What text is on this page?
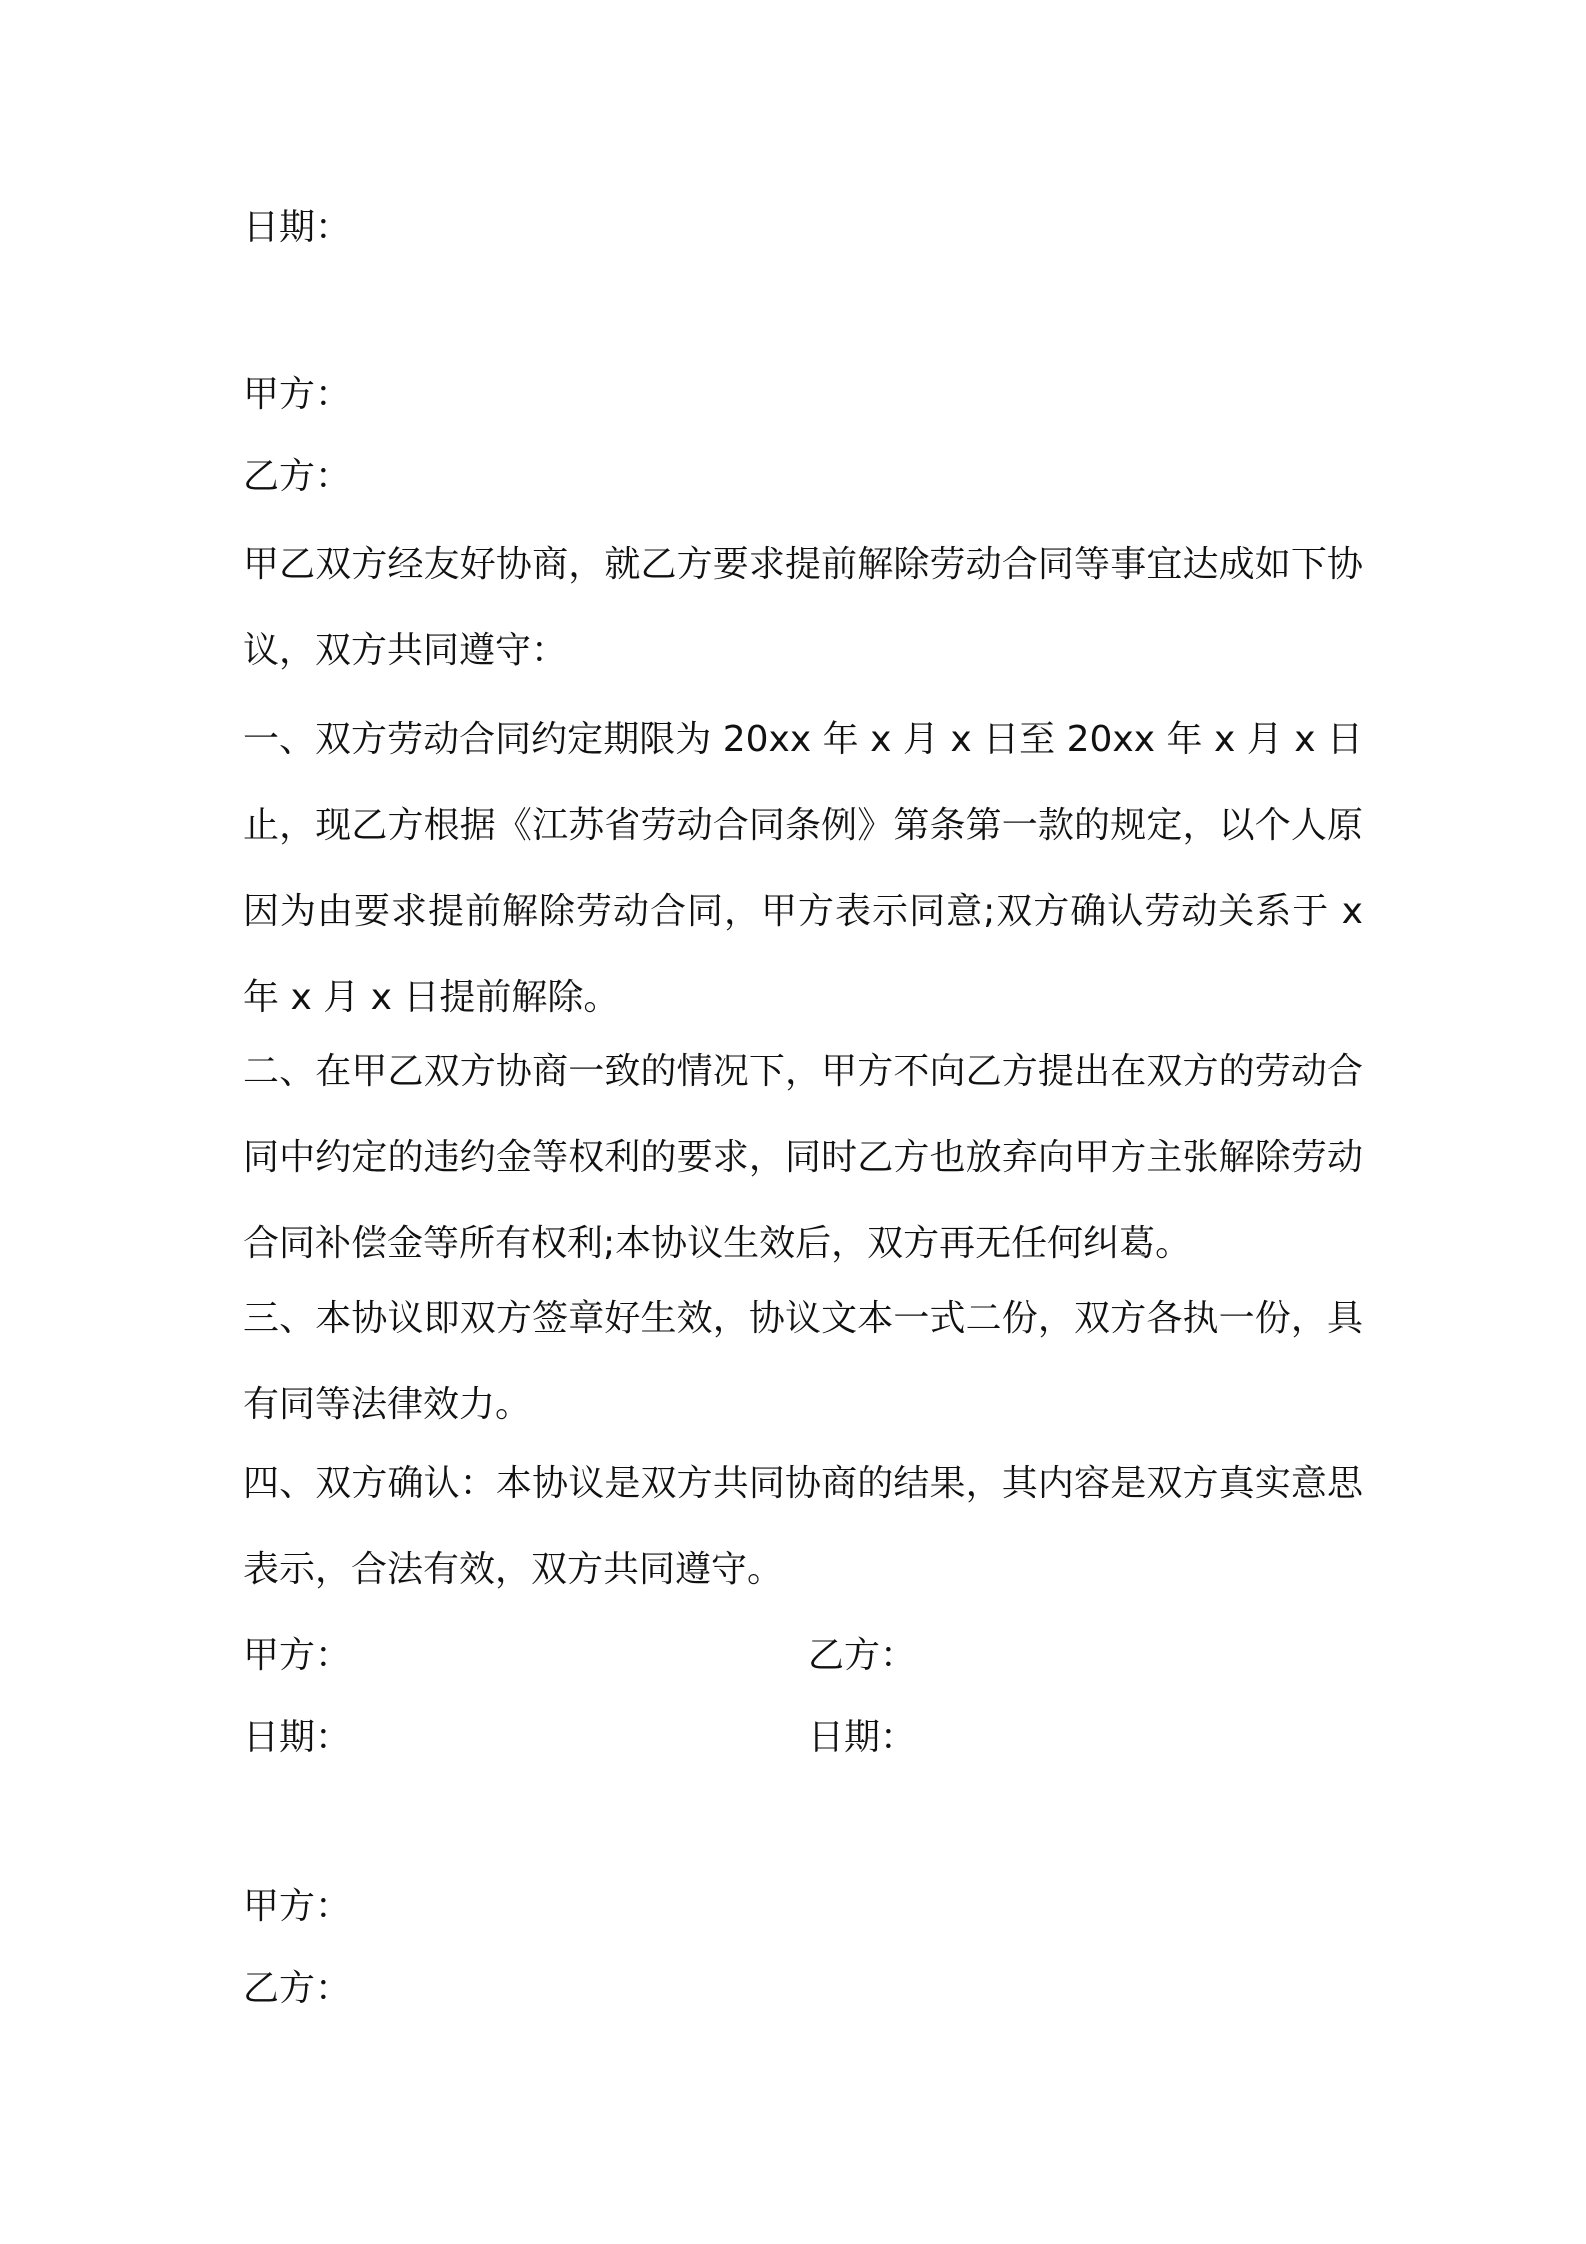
日期：
甲方：
乙方：
甲乙双方经友好协商，就乙方要求提前解除劳动合同等事宜达成如下协议，双方共同遵守：
一、双方劳动合同约定期限为 20xx 年 x 月 x 日至 20xx 年 x 月 x 日止，现乙方根据《江苏省劳动合同条例》第条第一款的规定，以个人原因为由要求提前解除劳动合同，甲方表示同意;双方确认劳动关系于 x 年 x 月 x 日提前解除。
二、在甲乙双方协商一致的情况下，甲方不向乙方提出在双方的劳动合同中约定的违约金等权利的要求，同时乙方也放弃向甲方主张解除劳动合同补偿金等所有权利;本协议生效后，双方再无任何纠葛。
三、本协议即双方签章好生效，协议文本一式二份，双方各执一份，具有同等法律效力。
四、双方确认：本协议是双方共同协商的结果，其内容是双方真实意思表示，合法有效，双方共同遵守。
甲方：	乙方：
日期：	日期：
甲方：
乙方：
